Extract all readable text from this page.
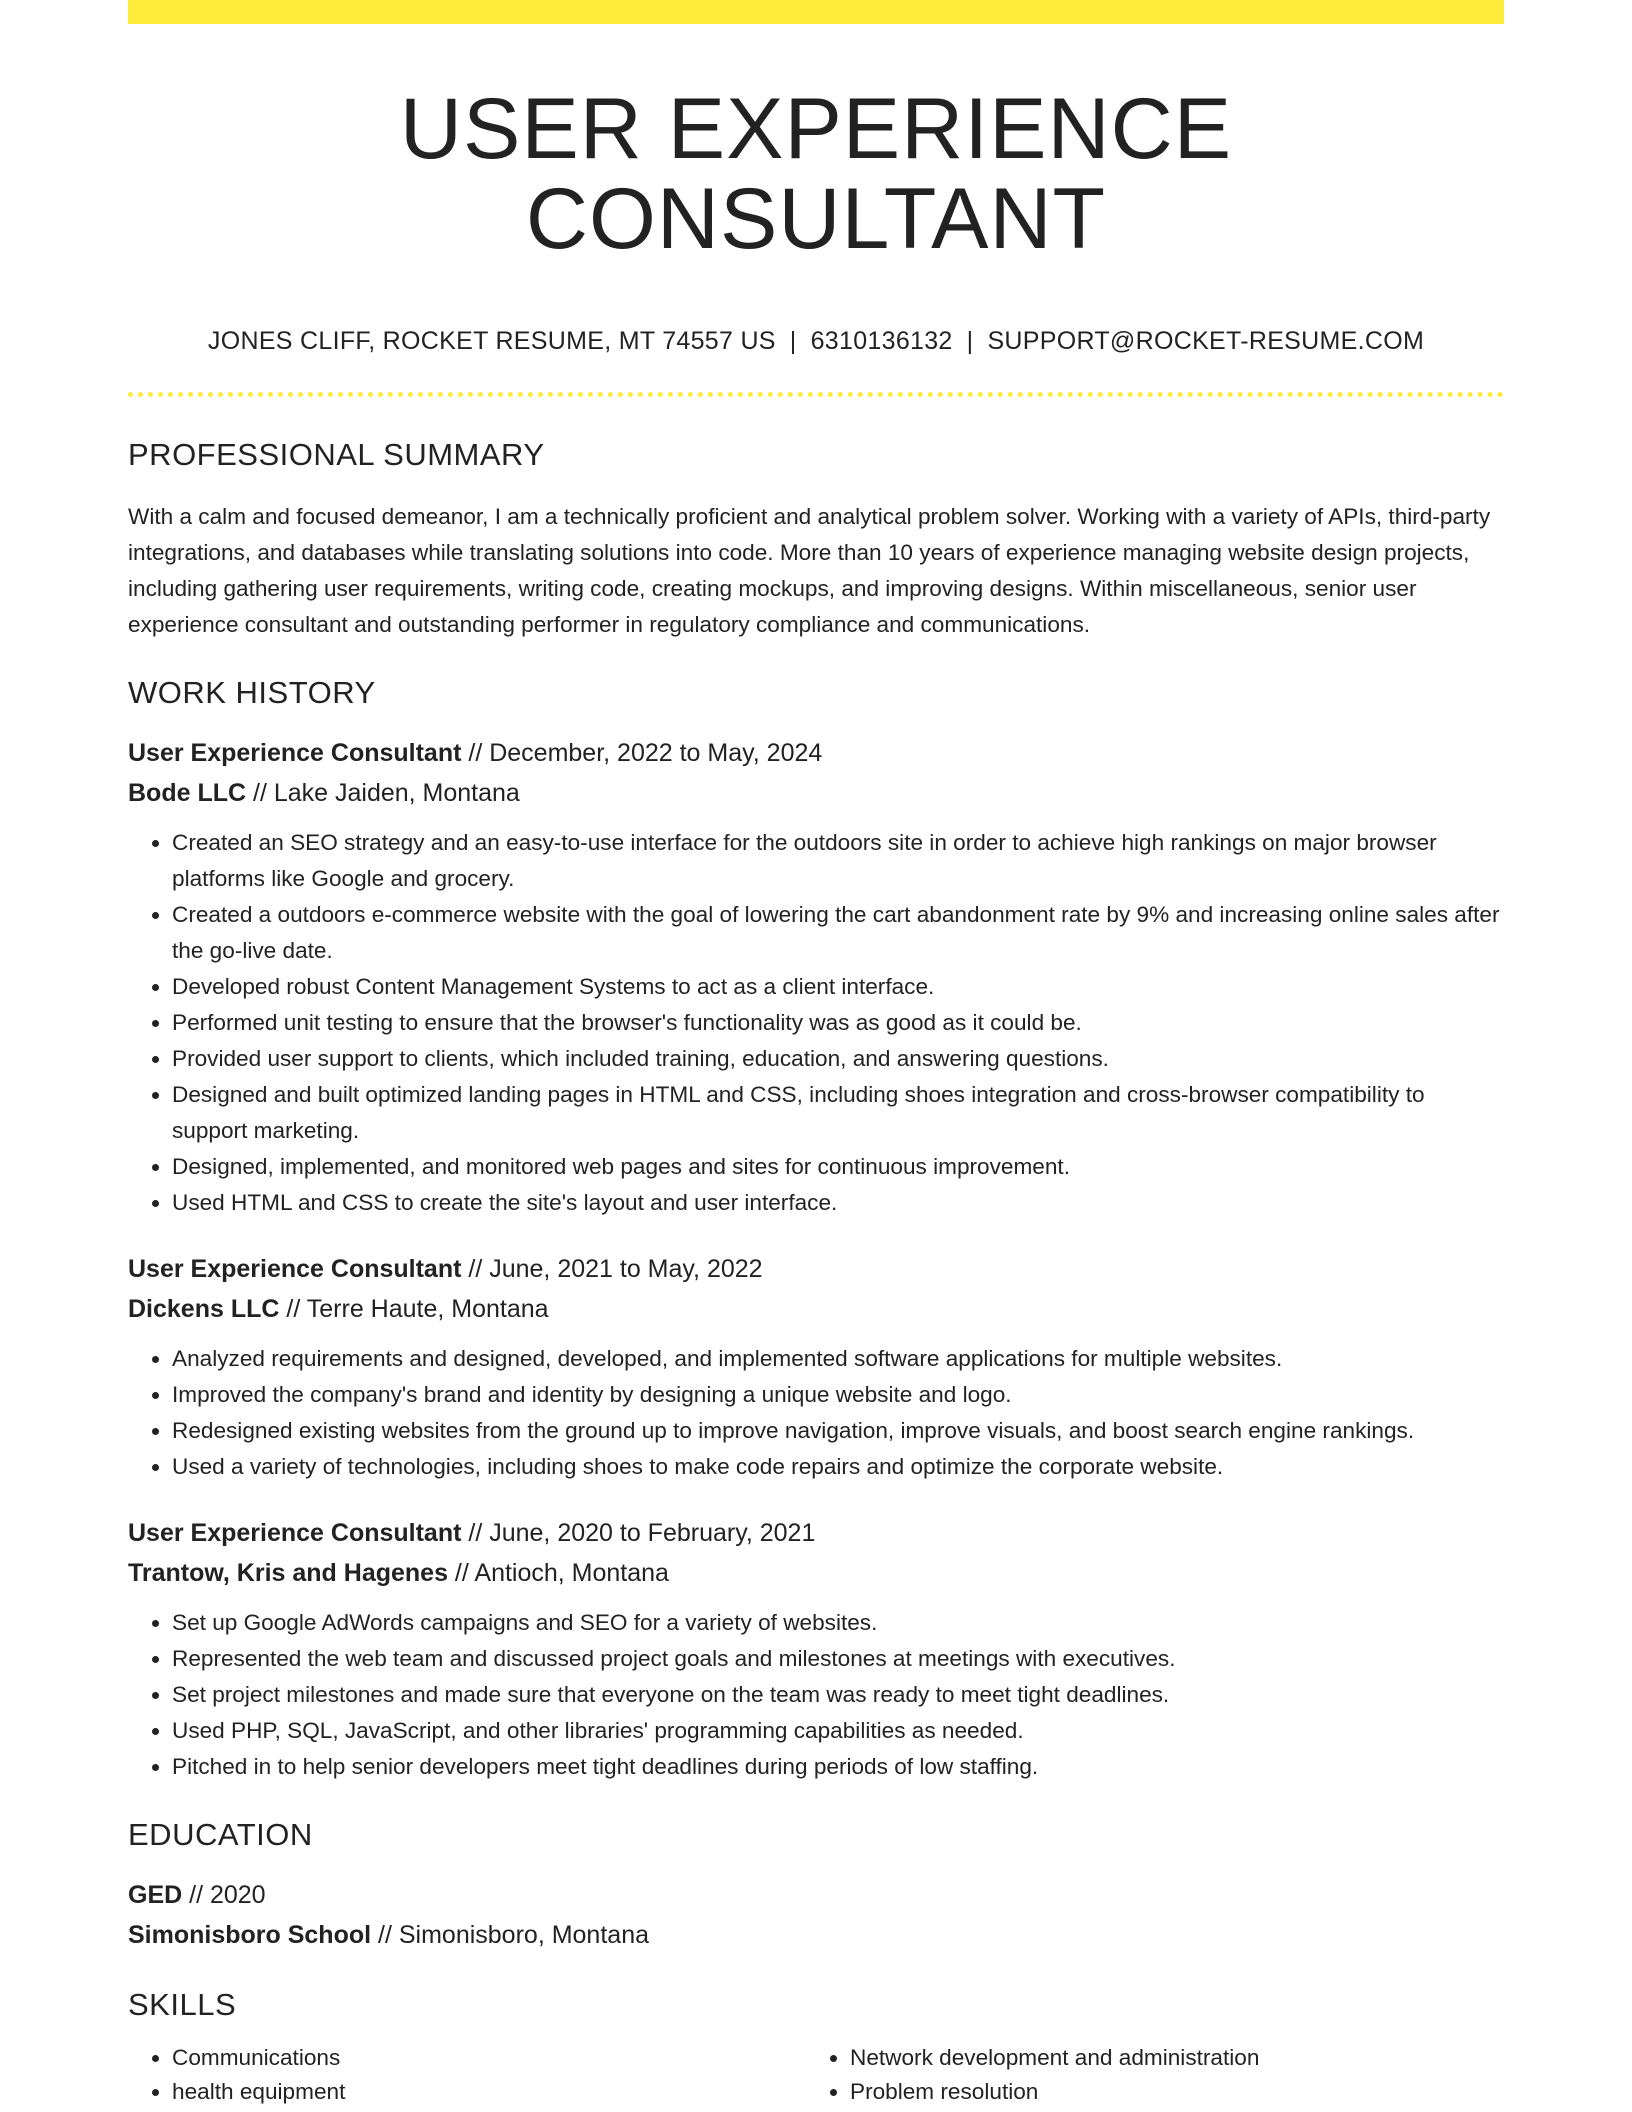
USER EXPERIENCE CONSULTANT
JONES CLIFF, ROCKET RESUME, MT 74557 US | 6310136132 | SUPPORT@ROCKET-RESUME.COM
PROFESSIONAL SUMMARY
With a calm and focused demeanor, I am a technically proficient and analytical problem solver. Working with a variety of APIs, third-party integrations, and databases while translating solutions into code. More than 10 years of experience managing website design projects, including gathering user requirements, writing code, creating mockups, and improving designs. Within miscellaneous, senior user experience consultant and outstanding performer in regulatory compliance and communications.
WORK HISTORY
User Experience Consultant // December, 2022 to May, 2024
Bode LLC // Lake Jaiden, Montana
• Created an SEO strategy and an easy-to-use interface for the outdoors site in order to achieve high rankings on major browser platforms like Google and grocery.
• Created a outdoors e-commerce website with the goal of lowering the cart abandonment rate by 9% and increasing online sales after the go-live date.
• Developed robust Content Management Systems to act as a client interface.
• Performed unit testing to ensure that the browser's functionality was as good as it could be.
• Provided user support to clients, which included training, education, and answering questions.
• Designed and built optimized landing pages in HTML and CSS, including shoes integration and cross-browser compatibility to support marketing.
• Designed, implemented, and monitored web pages and sites for continuous improvement.
• Used HTML and CSS to create the site's layout and user interface.
User Experience Consultant // June, 2021 to May, 2022
Dickens LLC // Terre Haute, Montana
• Analyzed requirements and designed, developed, and implemented software applications for multiple websites.
• Improved the company's brand and identity by designing a unique website and logo.
• Redesigned existing websites from the ground up to improve navigation, improve visuals, and boost search engine rankings.
• Used a variety of technologies, including shoes to make code repairs and optimize the corporate website.
User Experience Consultant // June, 2020 to February, 2021
Trantow, Kris and Hagenes // Antioch, Montana
• Set up Google AdWords campaigns and SEO for a variety of websites.
• Represented the web team and discussed project goals and milestones at meetings with executives.
• Set project milestones and made sure that everyone on the team was ready to meet tight deadlines.
• Used PHP, SQL, JavaScript, and other libraries' programming capabilities as needed.
• Pitched in to help senior developers meet tight deadlines during periods of low staffing.
EDUCATION
GED // 2020
Simonisboro School // Simonisboro, Montana
SKILLS
• Communications
• health equipment
• Network development and administration
• Problem resolution
